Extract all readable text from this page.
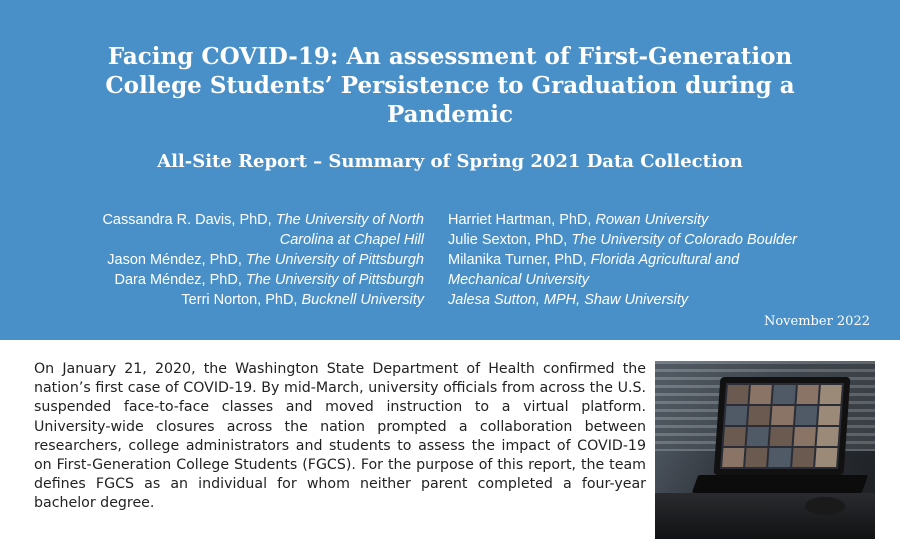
Facing COVID-19: An assessment of First-Generation
College Students’ Persistence to Graduation during a
Pandemic
All-Site Report – Summary of Spring 2021 Data Collection
Cassandra R. Davis, PhD, The University of North
Carolina at Chapel Hill
Jason Méndez, PhD, The University of Pittsburgh
Dara Méndez, PhD, The University of Pittsburgh
Terri Norton, PhD, Bucknell University
Harriet Hartman, PhD, Rowan University
Julie Sexton, PhD, The University of Colorado Boulder
Milanika Turner, PhD, Florida Agricultural and
Mechanical University
Jalesa Sutton, MPH, Shaw University
November 2022

On January 21, 2020, the Washington State Department of Health confirmed the nation’s first case of COVID-19. By mid-March, university officials from across the U.S. suspended face-to-face classes and moved instruction to a virtual platform. University-wide closures across the nation prompted a collaboration between researchers, college administrators and students to assess the impact of COVID-19 on First-Generation College Students (FGCS). For the purpose of this report, the team defines FGCS as an individual for whom neither parent completed a four-year bachelor degree.
